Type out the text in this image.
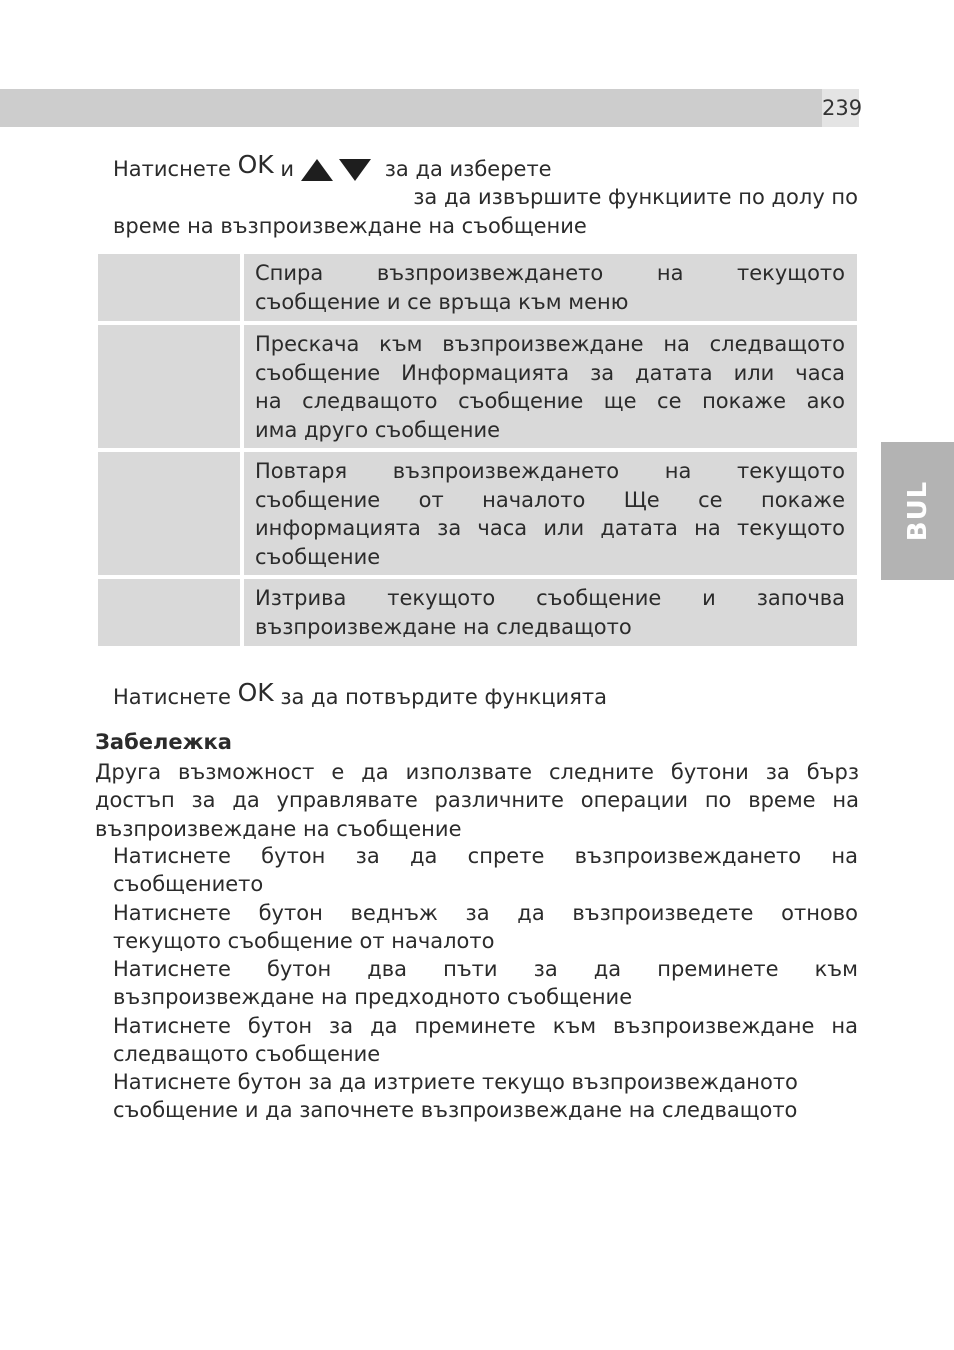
239
BUL
Натиснете OK и	за да изберете
за да извършите функциите по долу по
време на възпроизвеждане на съобщение
Спира възпроизвеждането на текущото
съобщение и се връща към меню
Прескача към възпроизвеждане на следващото
съобщение Информацията за датата или часа
на следващото съобщение ще се покаже ако
има друго съобщение
Повтаря възпроизвеждането на текущото
съобщение от началото Ще се покаже
информацията за часа или датата на текущото
съобщение
Изтрива текущото съобщение и започва
възпроизвеждане на следващото
Натиснете OK за да потвърдите функцията
Забележка
Друга възможност е да използвате следните бутони за бърз
достъп за да управлявате различните операции по време на
възпроизвеждане на съобщение
Натиснете бутон за да спрете възпроизвеждането на
съобщението
Натиснете бутон веднъж за да възпроизведете отново
текущото съобщение от началото
Натиснете бутон два пъти за да преминете към
възпроизвеждане на предходното съобщение
Натиснете бутон за да преминете към възпроизвеждане на
следващото съобщение
Натиснете бутон за да изтриете текущо възпроизвежданото
съобщение и да започнете възпроизвеждане на следващото
